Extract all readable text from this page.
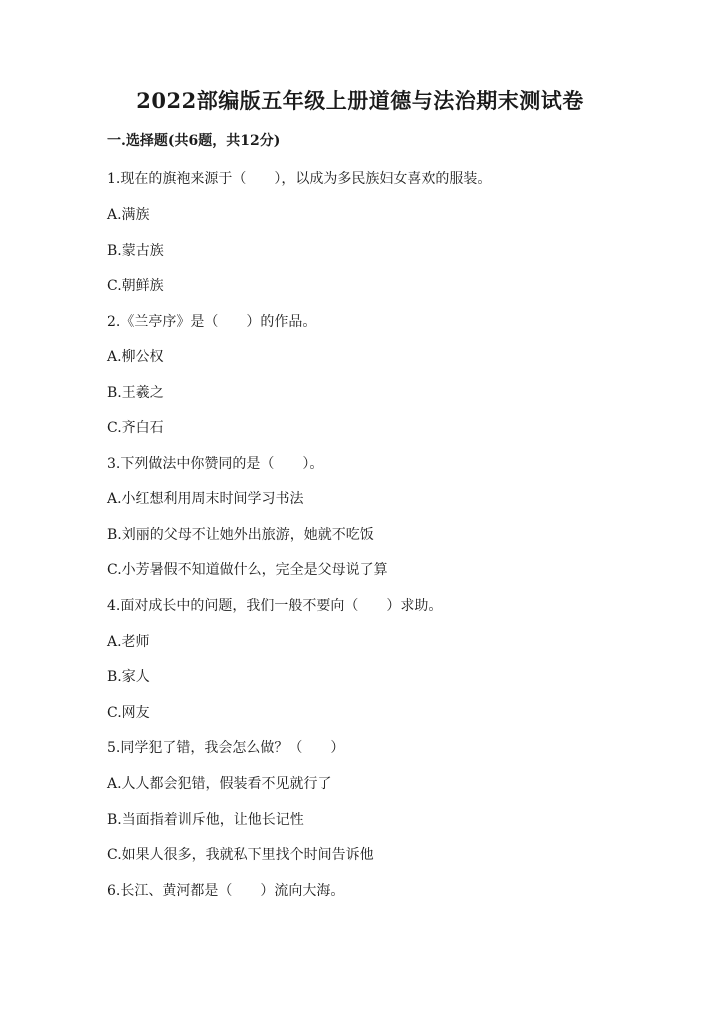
2022部编版五年级上册道德与法治期末测试卷

一.选择题(共6题，共12分)

1.现在的旗袍来源于（　　），以成为多民族妇女喜欢的服装。

A.满族

B.蒙古族

C.朝鲜族

2.《兰亭序》是（　　）的作品。

A.柳公权

B.王羲之

C.齐白石

3.下列做法中你赞同的是（　　）。

A.小红想利用周末时间学习书法

B.刘丽的父母不让她外出旅游，她就不吃饭

C.小芳暑假不知道做什么，完全是父母说了算

4.面对成长中的问题，我们一般不要向（　　）求助。

A.老师

B.家人

C.网友

5.同学犯了错，我会怎么做？（　　）

A.人人都会犯错，假装看不见就行了

B.当面指着训斥他，让他长记性

C.如果人很多，我就私下里找个时间告诉他

6.长江、黄河都是（　　）流向大海。
